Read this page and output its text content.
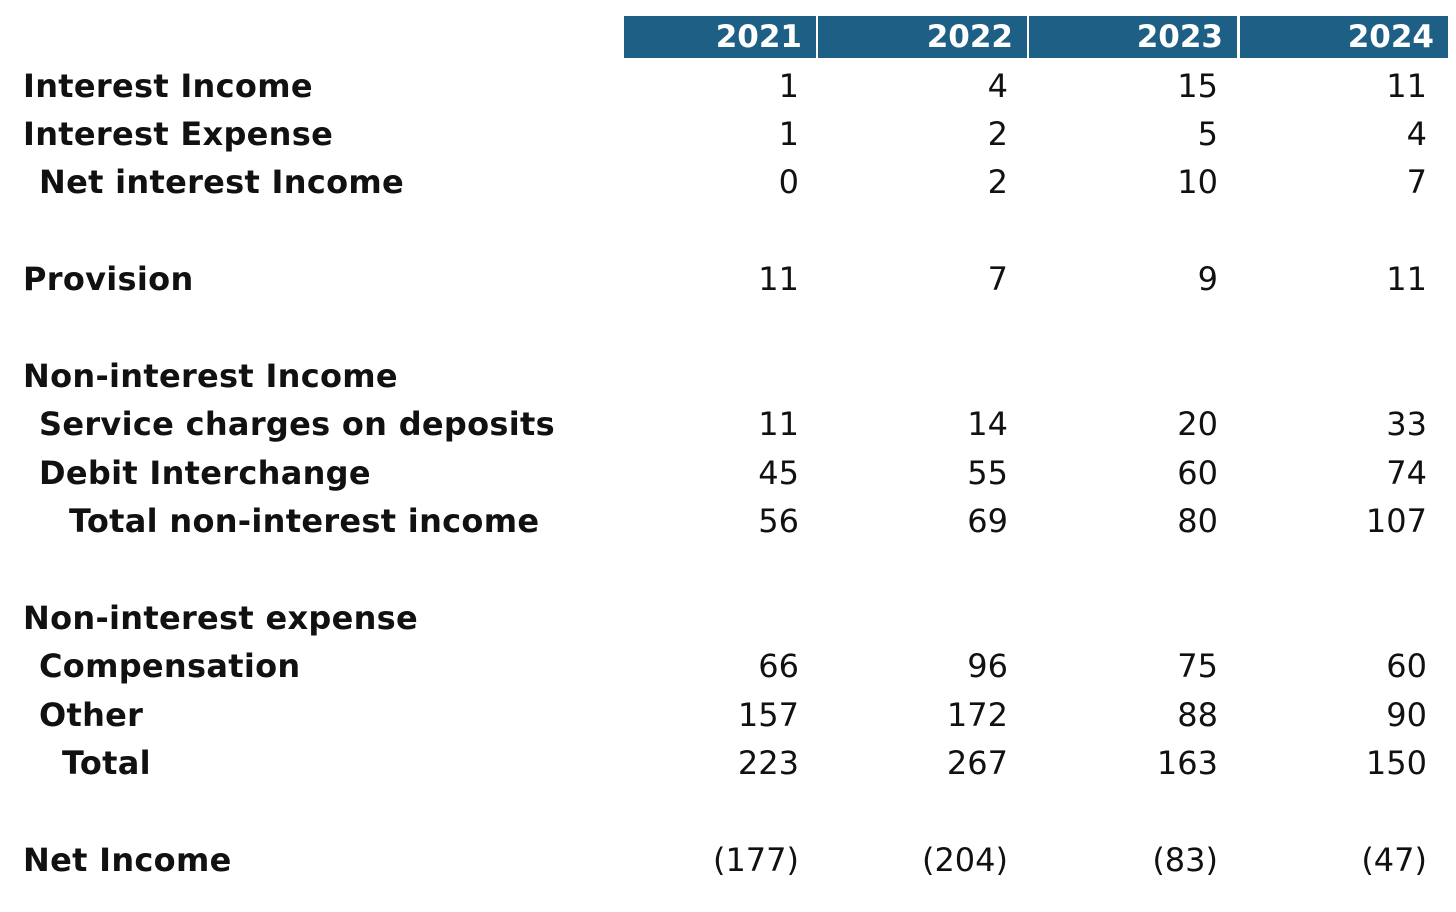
2021	2022	2023	2024
Interest Income	1	4	15	11
Interest Expense	1	2	5	4
Net interest Income	0	2	10	7
Provision	11	7	9	11
Non-interest Income
Service charges on deposits	11	14	20	33
Debit Interchange	45	55	60	74
Total non-interest income	56	69	80	107
Non-interest expense
Compensation	66	96	75	60
Other	157	172	88	90
Total	223	267	163	150
Net Income	(177)	(204)	(83)	(47)
